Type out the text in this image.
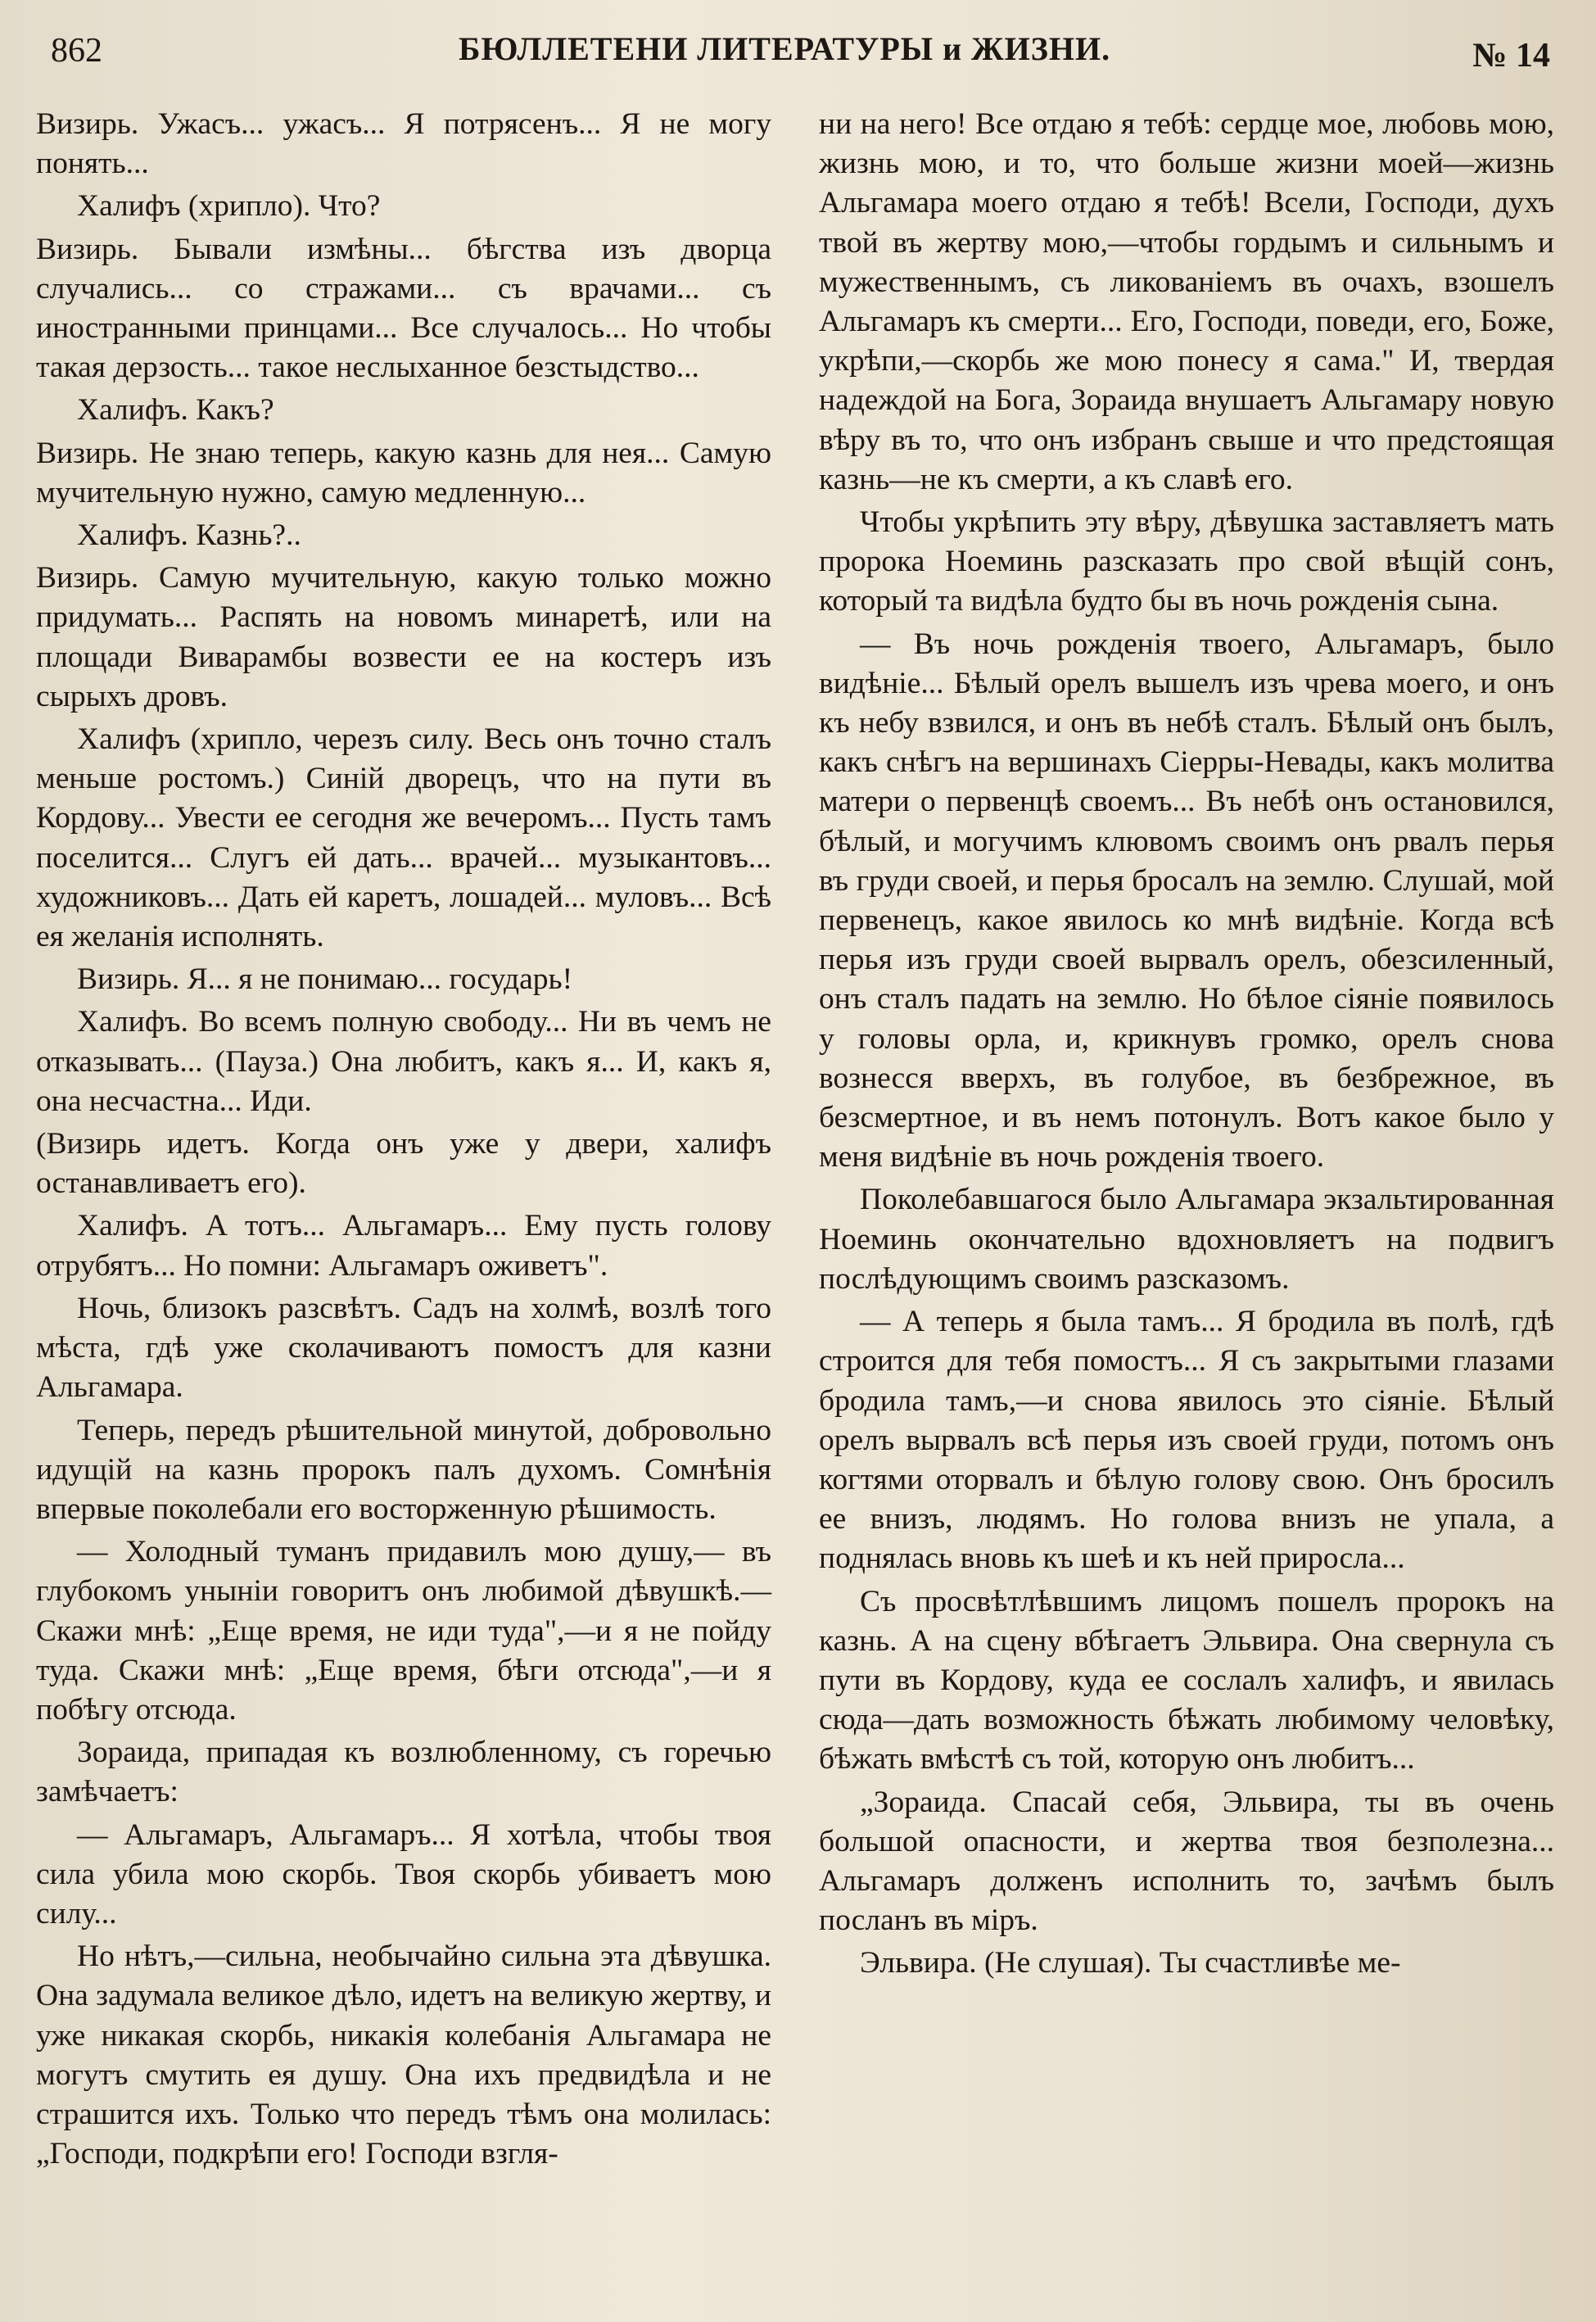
862	БЮЛЛЕТЕНИ ЛИТЕРАТУРЫ и ЖИЗНИ.	№ 14

Визирь. Ужасъ... ужасъ... Я потрясенъ... Я не могу понять...

Халифъ (хрипло). Что?

Визирь. Бывали измѣны... бѣгства изъ дворца случались... со стражами... съ врачами... съ иностранными принцами... Все случалось... Но чтобы такая дерзость... такое неслыханное безстыдство...

Халифъ. Какъ?

Визирь. Не знаю теперь, какую казнь для нея... Самую мучительную нужно, самую медленную...

Халифъ. Казнь?..

Визирь. Самую мучительную, какую только можно придумать... Распять на новомъ минаретѣ, или на площади Виварамбы возвести ее на костеръ изъ сырыхъ дровъ.

Халифъ (хрипло, черезъ силу. Весь онъ точно сталъ меньше ростомъ.) Синій дворецъ, что на пути въ Кордову... Увести ее сегодня же вечеромъ... Пусть тамъ поселится... Слугъ ей дать... врачей... музыкантовъ... художниковъ... Дать ей каретъ, лошадей... муловъ... Всѣ ея желанія исполнять.

Визирь. Я... я не понимаю... государь!

Халифъ. Во всемъ полную свободу... Ни въ чемъ не отказывать... (Пауза.) Она любитъ, какъ я... И, какъ я, она несчастна... Иди.

(Визирь идетъ. Когда онъ уже у двери, халифъ останавливаетъ его).

Халифъ. А тотъ... Альгамаръ... Ему пусть голову отрубятъ... Но помни: Альгамаръ оживетъ".

Ночь, близокъ разсвѣтъ. Садъ на холмѣ, возлѣ того мѣста, гдѣ уже сколачиваютъ помостъ для казни Альгамара.

Теперь, передъ рѣшительной минутой, добровольно идущій на казнь пророкъ палъ духомъ. Сомнѣнія впервые поколебали его восторженную рѣшимость.

— Холодный туманъ придавилъ мою душу,— въ глубокомъ уныніи говоритъ онъ любимой дѣвушкѣ.—Скажи мнѣ: „Еще время, не иди туда",—и я не пойду туда. Скажи мнѣ: „Еще время, бѣги отсюда",—и я побѣгу отсюда.

Зораида, припадая къ возлюбленному, съ горечью замѣчаетъ:

— Альгамаръ, Альгамаръ... Я хотѣла, чтобы твоя сила убила мою скорбь. Твоя скорбь убиваетъ мою силу...

Но нѣтъ,—сильна, необычайно сильна эта дѣвушка. Она задумала великое дѣло, идетъ на великую жертву, и уже никакая скорбь, никакія колебанія Альгамара не могутъ смутить ея душу. Она ихъ предвидѣла и не страшится ихъ. Только что передъ тѣмъ она молилась: „Господи, подкрѣпи его! Господи взгля-

ни на него! Все отдаю я тебѣ: сердце мое, любовь мою, жизнь мою, и то, что больше жизни моей—жизнь Альгамара моего отдаю я тебѣ! Всели, Господи, духъ твой въ жертву мою,—чтобы гордымъ и сильнымъ и мужественнымъ, съ ликованіемъ въ очахъ, взошелъ Альгамаръ къ смерти... Его, Господи, поведи, его, Боже, укрѣпи,—скорбь же мою понесу я сама." И, твердая надеждой на Бога, Зораида внушаетъ Альгамару новую вѣру въ то, что онъ избранъ свыше и что предстоящая казнь—не къ смерти, а къ славѣ его.

Чтобы укрѣпить эту вѣру, дѣвушка заставляетъ мать пророка Ноеминь разсказать про свой вѣщій сонъ, который та видѣла будто бы въ ночь рожденія сына.

— Въ ночь рожденія твоего, Альгамаръ, было видѣніе... Бѣлый орелъ вышелъ изъ чрева моего, и онъ къ небу взвился, и онъ въ небѣ сталъ. Бѣлый онъ былъ, какъ снѣгъ на вершинахъ Сіерры-Невады, какъ молитва матери о первенцѣ своемъ... Въ небѣ онъ остановился, бѣлый, и могучимъ клювомъ своимъ онъ рвалъ перья въ груди своей, и перья бросалъ на землю. Слушай, мой первенецъ, какое явилось ко мнѣ видѣніе. Когда всѣ перья изъ груди своей вырвалъ орелъ, обезсиленный, онъ сталъ падать на землю. Но бѣлое сіяніе появилось у головы орла, и, крикнувъ громко, орелъ снова вознесся вверхъ, въ голубое, въ безбрежное, въ безсмертное, и въ немъ потонулъ. Вотъ какое было у меня видѣніе въ ночь рожденія твоего.

Поколебавшагося было Альгамара экзальтированная Ноеминь окончательно вдохновляетъ на подвигъ послѣдующимъ своимъ разсказомъ.

— А теперь я была тамъ... Я бродила въ полѣ, гдѣ строится для тебя помостъ... Я съ закрытыми глазами бродила тамъ,—и снова явилось это сіяніе. Бѣлый орелъ вырвалъ всѣ перья изъ своей груди, потомъ онъ когтями оторвалъ и бѣлую голову свою. Онъ бросилъ ее внизъ, людямъ. Но голова внизъ не упала, а поднялась вновь къ шеѣ и къ ней приросла...

Съ просвѣтлѣвшимъ лицомъ пошелъ пророкъ на казнь. А на сцену вбѣгаетъ Эльвира. Она свернула съ пути въ Кордову, куда ее сослалъ халифъ, и явилась сюда—дать возможность бѣжать любимому человѣку, бѣжать вмѣстѣ съ той, которую онъ любитъ...

„Зораида. Спасай себя, Эльвира, ты въ очень большой опасности, и жертва твоя безполезна... Альгамаръ долженъ исполнить то, зачѣмъ былъ посланъ въ міръ.

Эльвира. (Не слушая). Ты счастливѣе ме-
